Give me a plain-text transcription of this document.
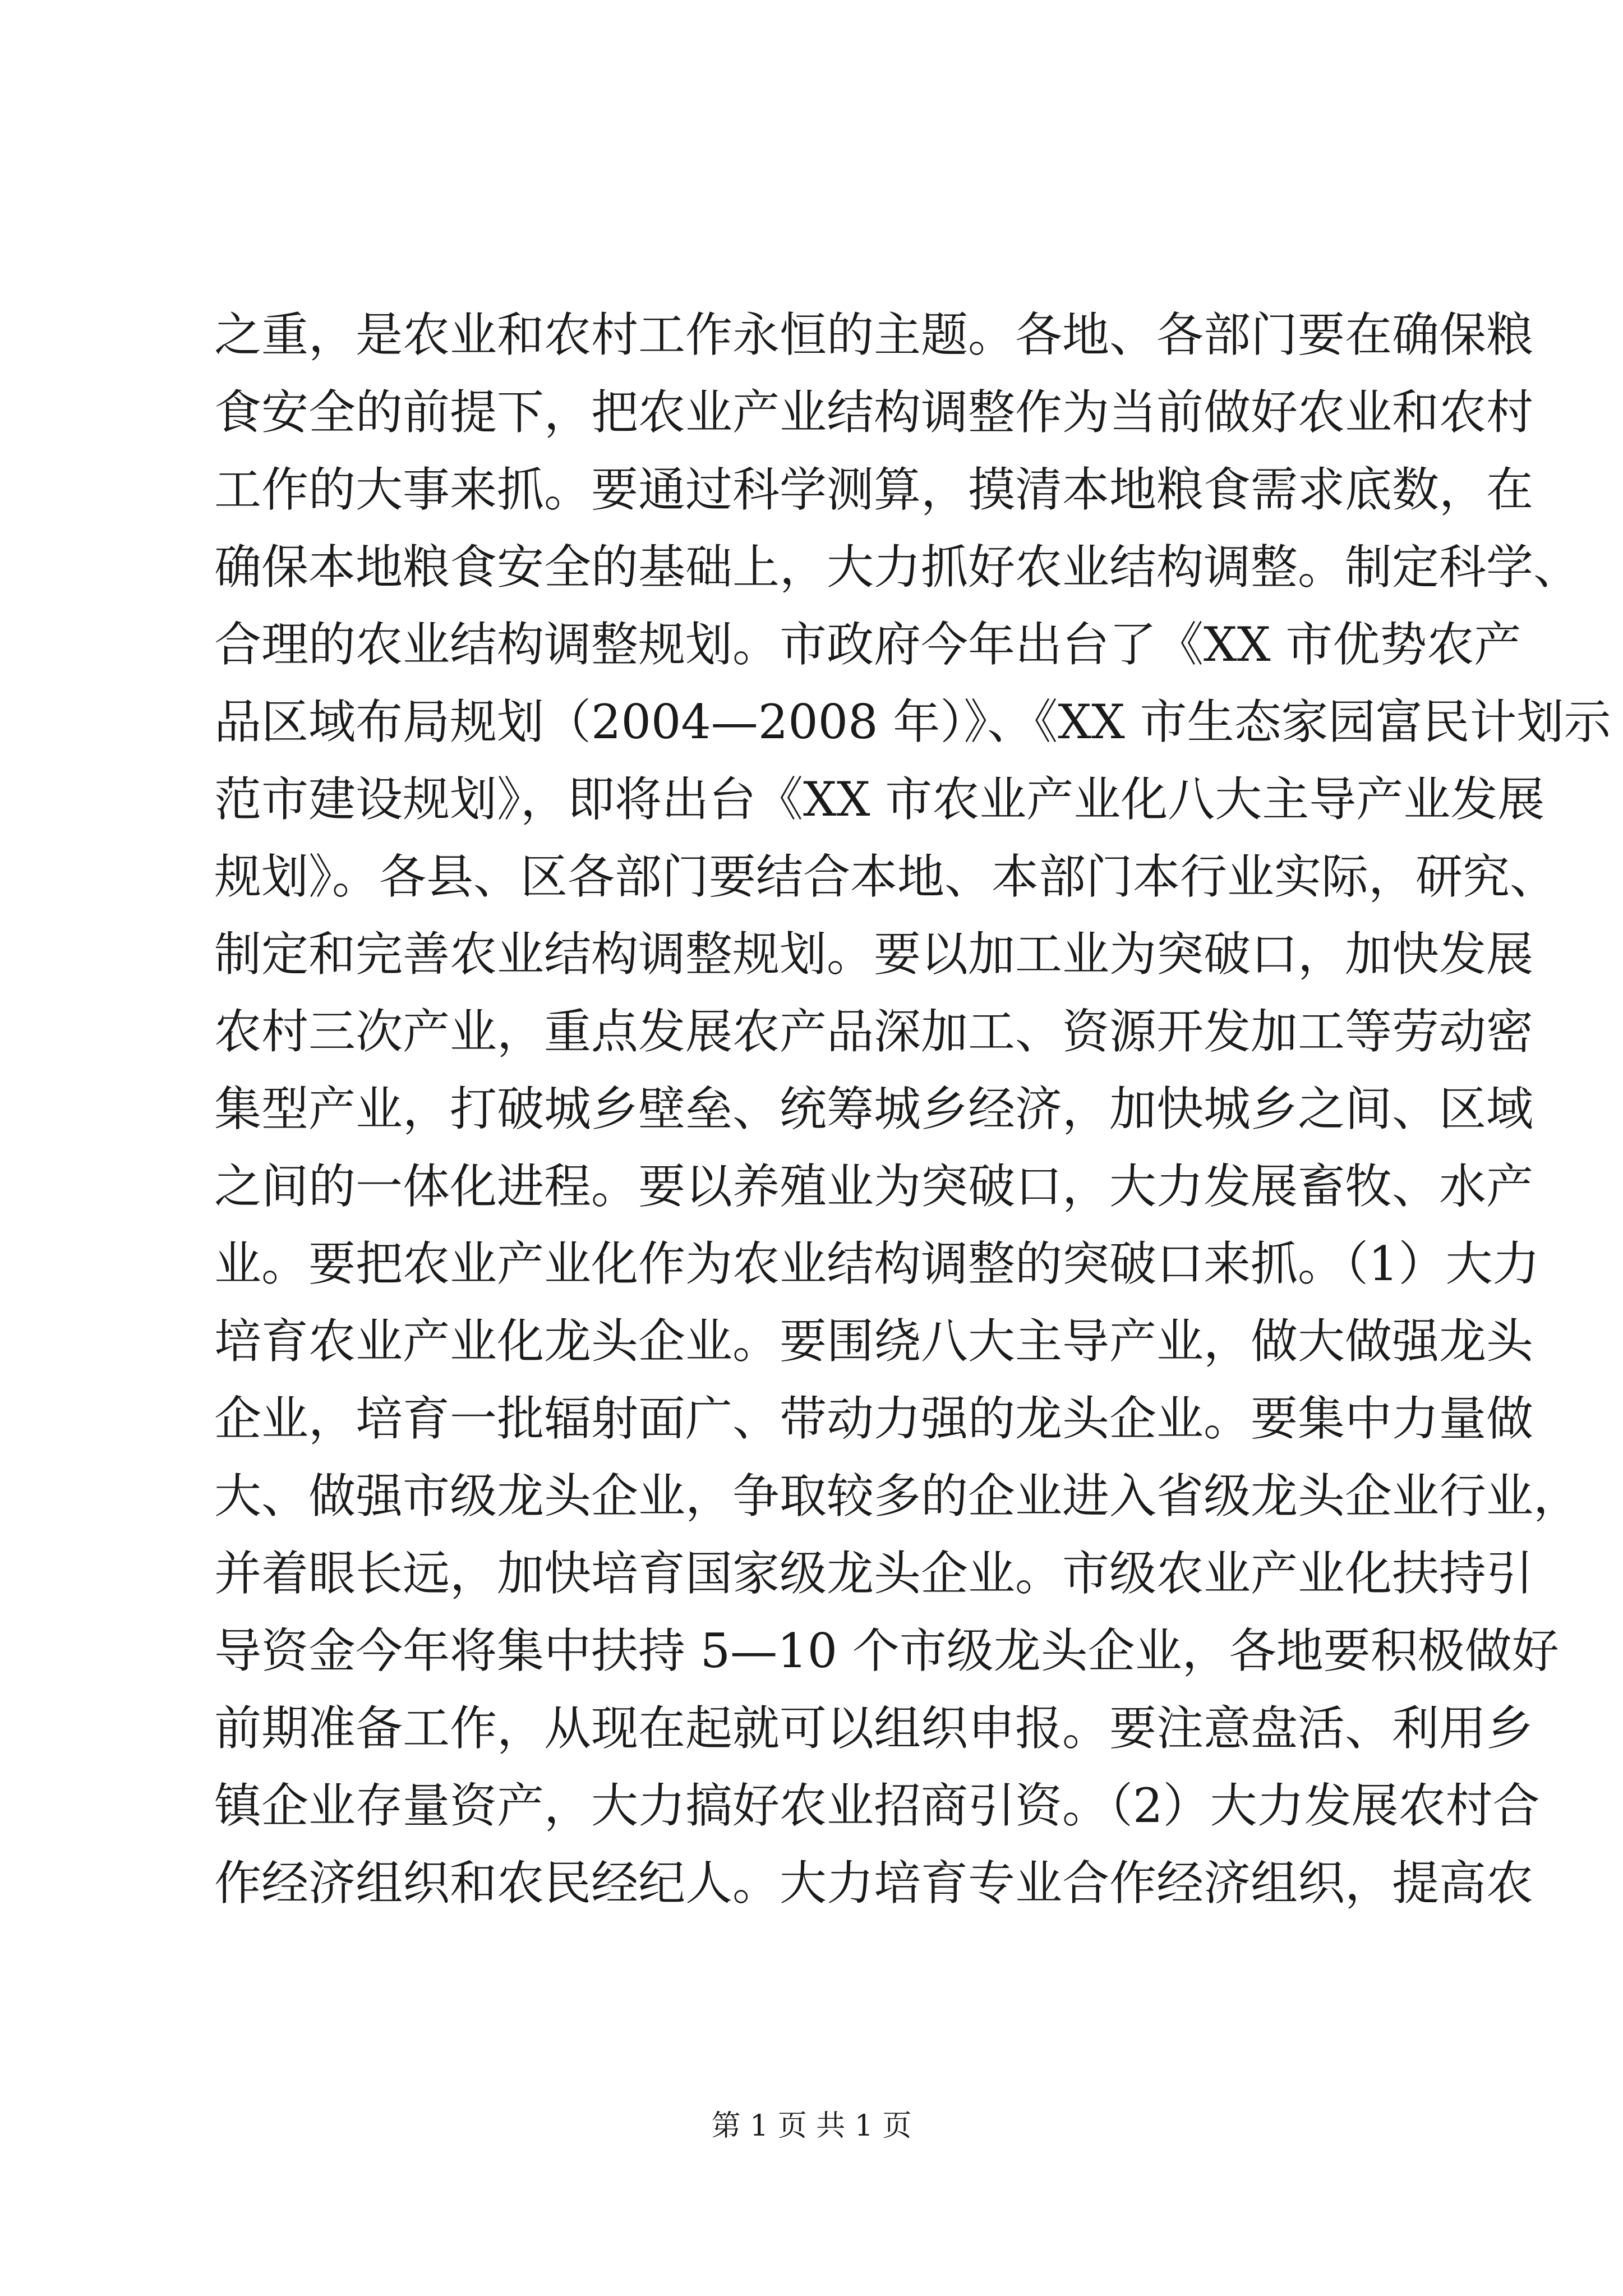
之重，是农业和农村工作永恒的主题。各地、各部门要在确保粮
食安全的前提下，把农业产业结构调整作为当前做好农业和农村
工作的大事来抓。要通过科学测算，摸清本地粮食需求底数，在
确保本地粮食安全的基础上，大力抓好农业结构调整。制定科学、
合理的农业结构调整规划。市政府今年出台了《XX 市优势农产
品区域布局规划（2004—2008 年）》、《XX 市生态家园富民计划示
范市建设规划》，即将出台《XX 市农业产业化八大主导产业发展
规划》。各县、区各部门要结合本地、本部门本行业实际，研究、
制定和完善农业结构调整规划。要以加工业为突破口，加快发展
农村三次产业，重点发展农产品深加工、资源开发加工等劳动密
集型产业，打破城乡壁垒、统筹城乡经济，加快城乡之间、区域
之间的一体化进程。要以养殖业为突破口，大力发展畜牧、水产
业。要把农业产业化作为农业结构调整的突破口来抓。（1）大力
培育农业产业化龙头企业。要围绕八大主导产业，做大做强龙头
企业，培育一批辐射面广、带动力强的龙头企业。要集中力量做
大、做强市级龙头企业，争取较多的企业进入省级龙头企业行业，
并着眼长远，加快培育国家级龙头企业。市级农业产业化扶持引
导资金今年将集中扶持 5—10 个市级龙头企业，各地要积极做好
前期准备工作，从现在起就可以组织申报。要注意盘活、利用乡
镇企业存量资产，大力搞好农业招商引资。（2）大力发展农村合
作经济组织和农民经纪人。大力培育专业合作经济组织，提高农
第 1 页 共 1 页
